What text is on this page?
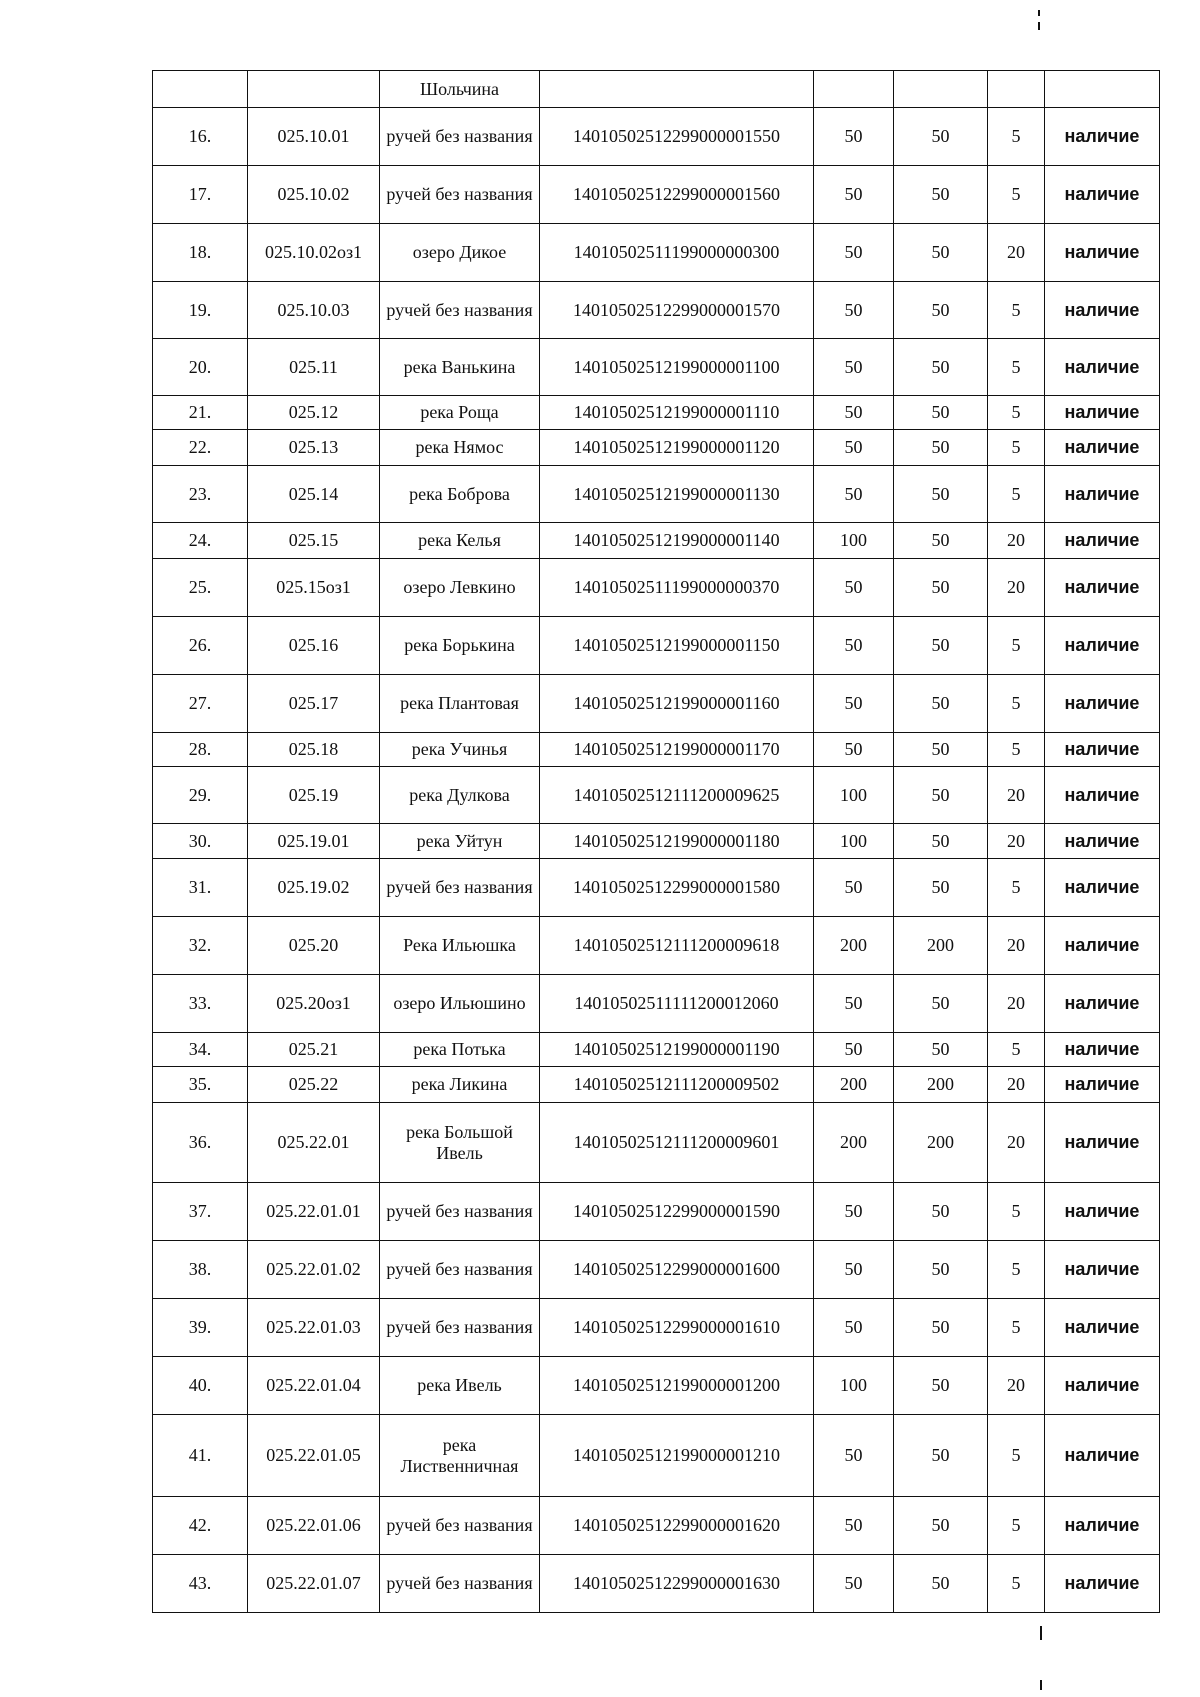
		Шольчина					
16.	025.10.01	ручей без названия	14010502512299000001550	50	50	5	наличие
17.	025.10.02	ручей без названия	14010502512299000001560	50	50	5	наличие
18.	025.10.02оз1	озеро Дикое	14010502511199000000300	50	50	20	наличие
19.	025.10.03	ручей без названия	14010502512299000001570	50	50	5	наличие
20.	025.11	река Ванькина	14010502512199000001100	50	50	5	наличие
21.	025.12	река Роща	14010502512199000001110	50	50	5	наличие
22.	025.13	река Нямос	14010502512199000001120	50	50	5	наличие
23.	025.14	река Боброва	14010502512199000001130	50	50	5	наличие
24.	025.15	река Келья	14010502512199000001140	100	50	20	наличие
25.	025.15оз1	озеро Левкино	14010502511199000000370	50	50	20	наличие
26.	025.16	река Борькина	14010502512199000001150	50	50	5	наличие
27.	025.17	река Плантовая	14010502512199000001160	50	50	5	наличие
28.	025.18	река Учинья	14010502512199000001170	50	50	5	наличие
29.	025.19	река Дулкова	14010502512111200009625	100	50	20	наличие
30.	025.19.01	река Уйтун	14010502512199000001180	100	50	20	наличие
31.	025.19.02	ручей без названия	14010502512299000001580	50	50	5	наличие
32.	025.20	Река Ильюшка	14010502512111200009618	200	200	20	наличие
33.	025.20оз1	озеро Ильюшино	14010502511111200012060	50	50	20	наличие
34.	025.21	река Потька	14010502512199000001190	50	50	5	наличие
35.	025.22	река Ликина	14010502512111200009502	200	200	20	наличие
36.	025.22.01	река Большой Ивель	14010502512111200009601	200	200	20	наличие
37.	025.22.01.01	ручей без названия	14010502512299000001590	50	50	5	наличие
38.	025.22.01.02	ручей без названия	14010502512299000001600	50	50	5	наличие
39.	025.22.01.03	ручей без названия	14010502512299000001610	50	50	5	наличие
40.	025.22.01.04	река Ивель	14010502512199000001200	100	50	20	наличие
41.	025.22.01.05	река Лиственничная	14010502512199000001210	50	50	5	наличие
42.	025.22.01.06	ручей без названия	14010502512299000001620	50	50	5	наличие
43.	025.22.01.07	ручей без названия	14010502512299000001630	50	50	5	наличие
